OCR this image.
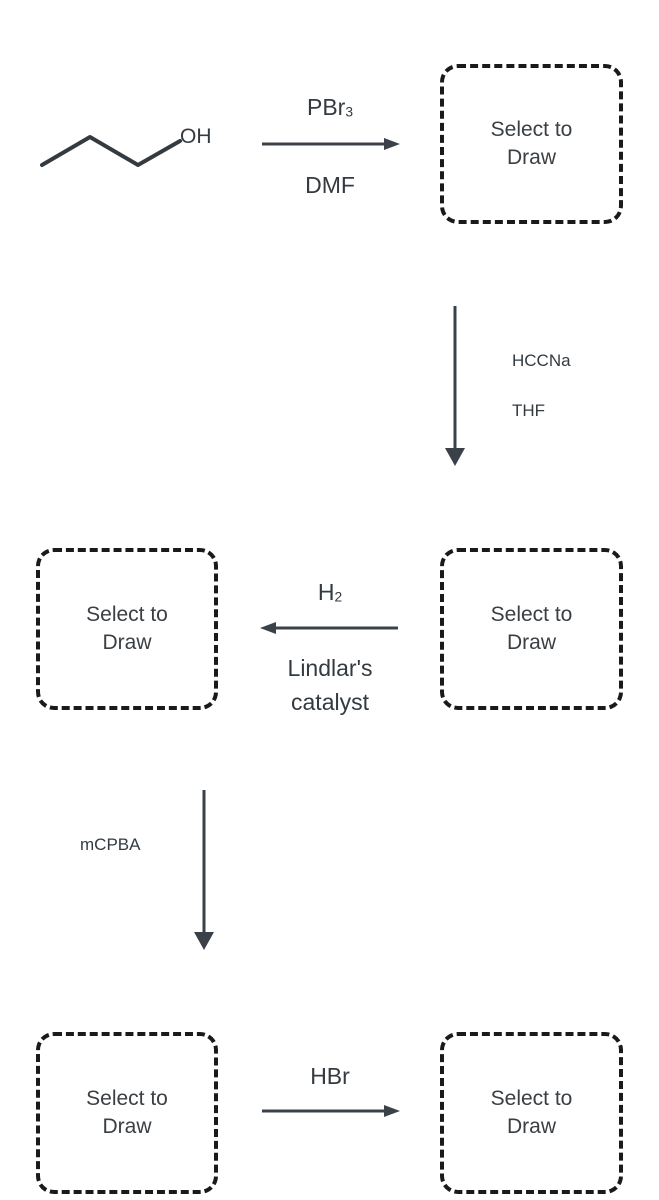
OH
PBr$_3$
DMF
Select to
Draw
HCCNa
THF
Select to
Draw
$H_2$
Lindlar's
catalyst
Select to
Draw
mCPBA
Select to
Draw
HBr
Select to
Draw
